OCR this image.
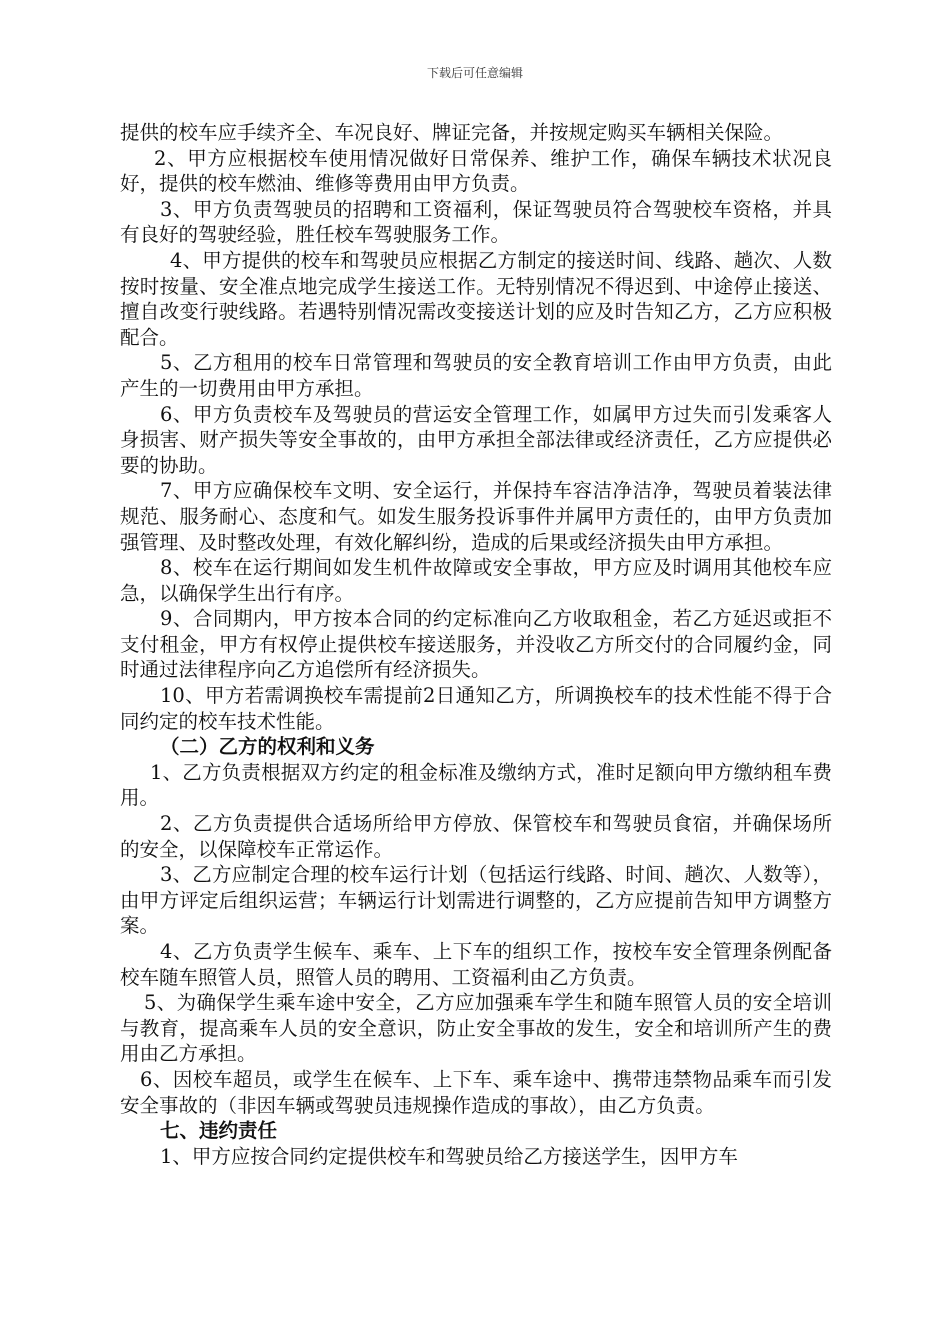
下载后可任意编辑

提供的校车应手续齐全、车况良好、牌证完备，并按规定购买车辆相关保险。

2、甲方应根据校车使用情况做好日常保养、维护工作，确保车辆技术状况良好，提供的校车燃油、维修等费用由甲方负责。

3、甲方负责驾驶员的招聘和工资福利，保证驾驶员符合驾驶校车资格，并具有良好的驾驶经验，胜任校车驾驶服务工作。

4、甲方提供的校车和驾驶员应根据乙方制定的接送时间、线路、趟次、人数按时按量、安全准点地完成学生接送工作。无特别情况不得迟到、中途停止接送、擅自改变行驶线路。若遇特别情况需改变接送计划的应及时告知乙方，乙方应积极配合。

5、乙方租用的校车日常管理和驾驶员的安全教育培训工作由甲方负责，由此产生的一切费用由甲方承担。

6、甲方负责校车及驾驶员的营运安全管理工作，如属甲方过失而引发乘客人身损害、财产损失等安全事故的，由甲方承担全部法律或经济责任，乙方应提供必要的协助。

7、甲方应确保校车文明、安全运行，并保持车容洁净洁净，驾驶员着装法律规范、服务耐心、态度和气。如发生服务投诉事件并属甲方责任的，由甲方负责加强管理、及时整改处理，有效化解纠纷，造成的后果或经济损失由甲方承担。

8、校车在运行期间如发生机件故障或安全事故，甲方应及时调用其他校车应急，以确保学生出行有序。

9、合同期内，甲方按本合同的约定标准向乙方收取租金，若乙方延迟或拒不支付租金，甲方有权停止提供校车接送服务，并没收乙方所交付的合同履约金，同时通过法律程序向乙方追偿所有经济损失。

10、甲方若需调换校车需提前2日通知乙方，所调换校车的技术性能不得于合同约定的校车技术性能。

（二）乙方的权利和义务

1、乙方负责根据双方约定的租金标准及缴纳方式，准时足额向甲方缴纳租车费用。

2、乙方负责提供合适场所给甲方停放、保管校车和驾驶员食宿，并确保场所的安全，以保障校车正常运作。

3、乙方应制定合理的校车运行计划（包括运行线路、时间、趟次、人数等），由甲方评定后组织运营；车辆运行计划需进行调整的，乙方应提前告知甲方调整方案。

4、乙方负责学生候车、乘车、上下车的组织工作，按校车安全管理条例配备校车随车照管人员，照管人员的聘用、工资福利由乙方负责。

5、为确保学生乘车途中安全，乙方应加强乘车学生和随车照管人员的安全培训与教育，提高乘车人员的安全意识，防止安全事故的发生，安全和培训所产生的费用由乙方承担。

6、因校车超员，或学生在候车、上下车、乘车途中、携带违禁物品乘车而引发安全事故的（非因车辆或驾驶员违规操作造成的事故），由乙方负责。

七、违约责任

1、甲方应按合同约定提供校车和驾驶员给乙方接送学生，因甲方车
